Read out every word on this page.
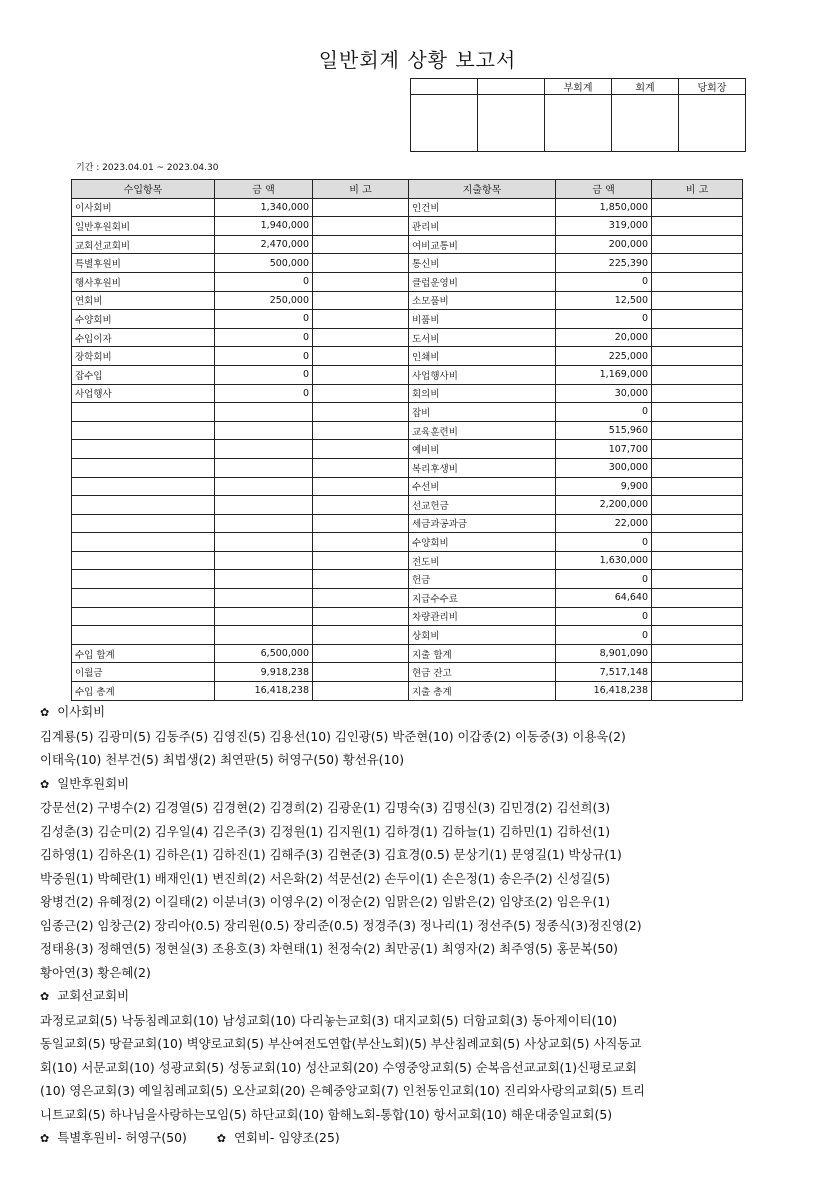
일반회계 상황 보고서
		부회계	회계	당회장

기간 : 2023.04.01 ~ 2023.04.30
수입항목	금 액	비 고	지출항목	금 액	비 고
이사회비	1,340,000		인건비	1,850,000	
일반후원회비	1,940,000		관리비	319,000	
교회선교회비	2,470,000		여비교통비	200,000	
특별후원비	500,000		통신비	225,390	
행사후원비	0		클럽운영비	0	
연회비	250,000		소모품비	12,500	
수양회비	0		비품비	0	
수입이자	0		도서비	20,000	
장학회비	0		인쇄비	225,000	
잡수입	0		사업행사비	1,169,000	
사업행사	0		회의비	30,000	
			잡비	0	
			교육훈련비	515,960	
			예비비	107,700	
			복리후생비	300,000	
			수선비	9,900	
			선교헌금	2,200,000	
			세금과공과금	22,000	
			수양회비	0	
			전도비	1,630,000	
			헌금	0	
			지급수수료	64,640	
			차량관리비	0	
			상회비	0	
수입 합계	6,500,000		지출 합계	8,901,090	
이월금	9,918,238		현금 잔고	7,517,148	
수입 총계	16,418,238		지출 총계	16,418,238	
✿ 이사회비
김계룡(5) 김광미(5) 김동주(5) 김영진(5) 김용선(10) 김인광(5) 박준현(10) 이갑종(2) 이동중(3) 이용욱(2)
이태욱(10) 천부건(5) 최법생(2) 최연판(5) 허영구(50) 황선유(10)
✿ 일반후원회비
강문선(2) 구병수(2) 김경열(5) 김경현(2) 김경희(2) 김광운(1) 김명숙(3) 김명신(3) 김민경(2) 김선희(3)
김성춘(3) 김순미(2) 김우일(4) 김은주(3) 김정원(1) 김지원(1) 김하경(1) 김하늘(1) 김하민(1) 김하선(1)
김하영(1) 김하온(1) 김하은(1) 김하진(1) 김해주(3) 김현준(3) 김효경(0.5) 문상기(1) 문영길(1) 박상규(1)
박중원(1) 박혜란(1) 배재인(1) 변진희(2) 서은화(2) 석문선(2) 손두이(1) 손은정(1) 송은주(2) 신성길(5)
왕병건(2) 유혜정(2) 이길태(2) 이분녀(3) 이영우(2) 이정순(2) 임맑은(2) 임밝은(2) 임양조(2) 임은우(1)
임종근(2) 임창근(2) 장리아(0.5) 장리원(0.5) 장리준(0.5) 정경주(3) 정나리(1) 정선주(5) 정종식(3)정진영(2)
정태용(3) 정해연(5) 정현실(3) 조용호(3) 차현태(1) 천정숙(2) 최만공(1) 최영자(2) 최주영(5) 홍문복(50)
황아연(3) 황은혜(2)
✿ 교회선교회비
과정로교회(5) 낙동침례교회(10) 남성교회(10) 다리놓는교회(3) 대지교회(5) 더함교회(3) 동아제이티(10)
동일교회(5) 땅끝교회(10) 벽양로교회(5) 부산여전도연합(부산노회)(5) 부산침례교회(5) 사상교회(5) 사직동교
회(10) 서문교회(10) 성광교회(5) 성동교회(10) 성산교회(20) 수영중앙교회(5) 순복음선교교회(1)신평로교회
(10) 영은교회(3) 예일침례교회(5) 오산교회(20) 은혜중앙교회(7) 인천동인교회(10) 진리와사랑의교회(5) 트리
니트교회(5) 하나님을사랑하는모임(5) 하단교회(10) 함해노회-통합(10) 항서교회(10) 해운대중일교회(5)
✿ 특별후원비- 허영구(50)	✿ 연회비- 임양조(25)
